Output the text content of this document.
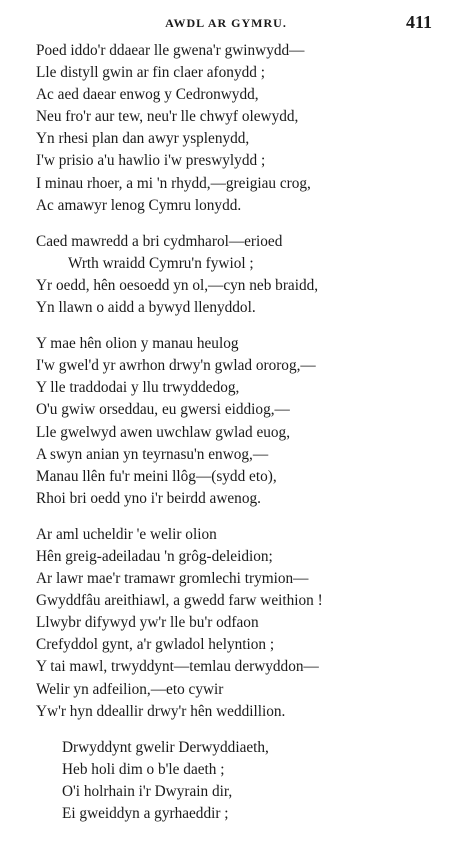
AWDL AR GYMRU.	411
Poed iddo'r ddaear lle gwena'r gwinwydd—
Lle distyll gwin ar fin claer afonydd ;
Ac aed daear enwog y Cedronwydd,
Neu fro'r aur tew, neu'r lle chwyf olewydd,
Yn rhesi plan dan awyr ysplenydd,
I'w prisio a'u hawlio i'w preswylydd ;
I minau rhoer, a mi 'n rhydd,—greigiau crog,
Ac amawyr lenog Cymru lonydd.
Caed mawredd a bri cydmharol—erioed
Wrth wraidd Cymru'n fywiol ;
Yr oedd, hên oesoedd yn ol,—cyn neb braidd,
Yn llawn o aidd a bywyd llenyddol.
Y mae hên olion y manau heulog
I'w gwel'd yr awrhon drwy'n gwlad ororog,—
Y lle traddodai y llu trwyddedog,
O'u gwiw orseddau, eu gwersi eiddiog,—
Lle gwelwyd awen uwchlaw gwlad euog,
A swyn anian yn teyrnasu'n enwog,—
Manau llên fu'r meini llôg—(sydd eto),
Rhoi bri oedd yno i'r beirdd awenog.
Ar aml ucheldir 'e welir olion
Hên greig-adeiladau 'n grôg-deleidion;
Ar lawr mae'r tramawr gromlechi trymion—
Gwyddfâu areithiawl, a gwedd farw weithion !
Llwybr difywyd yw'r lle bu'r odfaon
Crefyddol gynt, a'r gwladol helyntion ;
Y tai mawl, trwyddynt—temlau derwyddon—
Welir yn adfeilion,—eto cywir
Yw'r hyn ddeallir drwy'r hên weddillion.
Drwyddynt gwelir Derwyddiaeth,
Heb holi dim o b'le daeth ;
O'i holrhain i'r Dwyrain dir,
Ei gweiddyn a gyrhaeddir ;
